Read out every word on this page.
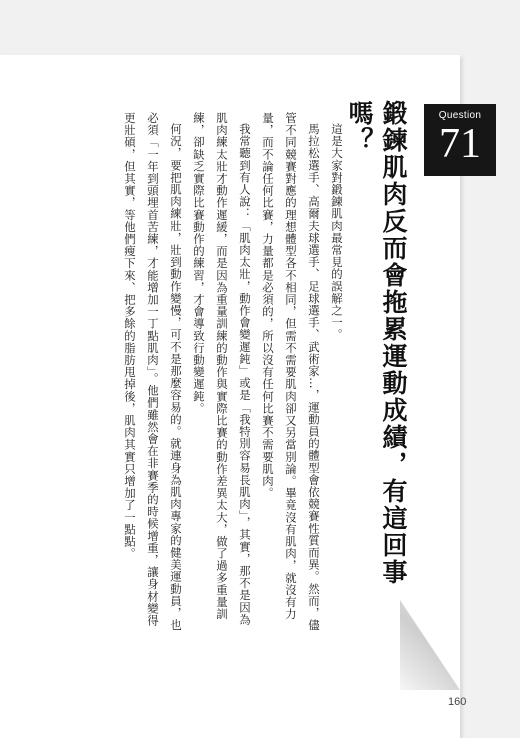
Question
71
鍛鍊肌肉反而會拖累運動成績，有這回事嗎？

這是大家對鍛鍊肌肉最常見的誤解之一。

馬拉松選手、高爾夫球選手、足球選手、武術家…，運動員的體型會依競賽性質而異。然而，儘管不同競賽對應的理想體型各不相同，但需不需要肌肉卻又另當別論。畢竟沒有肌肉，就沒有力量，而不論任何比賽，力量都是必須的，所以沒有任何比賽不需要肌肉。

我常聽到有人說：「肌肉太壯，動作會變遲鈍」或是「我特別容易長肌肉」，其實，那不是因為肌肉練太壯才動作遲緩，而是因為重量訓練的動作與實際比賽的動作差異太大，做了過多重量訓練，卻缺乏實際比賽動作的練習，才會導致行動變遲鈍。

何況，要把肌肉練壯，壯到動作變慢，可不是那麼容易的。就連身為肌肉專家的健美運動員，也必須「一年到頭埋首苦練，才能增加一丁點肌肉」。他們雖然會在非賽季的時候增重，讓身材變得更壯碩，但其實，等他們瘦下來、把多餘的脂肪甩掉後，肌肉其實只增加了一點點。

160
